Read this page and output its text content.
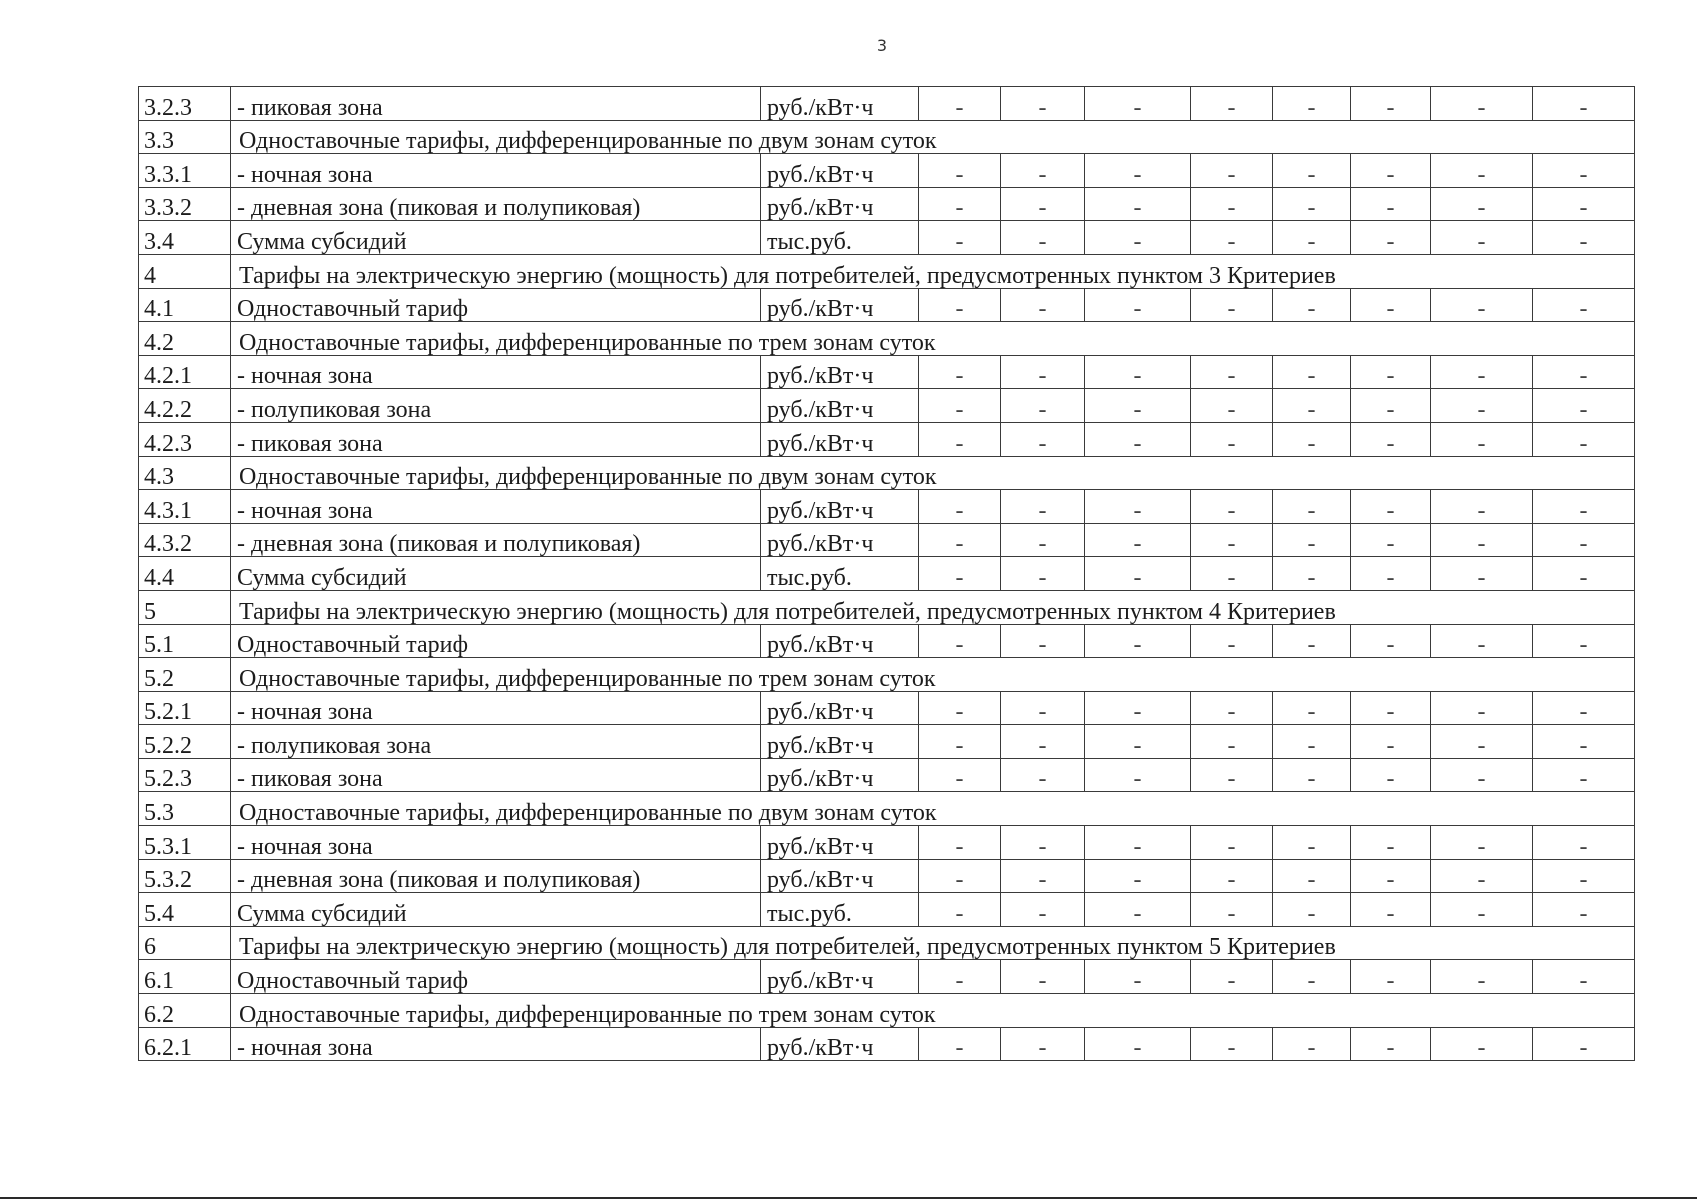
3
3.2.3	- пиковая зона	руб./кВт·ч	-	-	-	-	-	-	-	-
3.3	Одноставочные тарифы, дифференцированные по двум зонам суток									
3.3.1	- ночная зона	руб./кВт·ч	-	-	-	-	-	-	-	-
3.3.2	- дневная зона (пиковая и полупиковая)	руб./кВт·ч	-	-	-	-	-	-	-	-
3.4	Сумма субсидий	тыс.руб.	-	-	-	-	-	-	-	-
4	Тарифы на электрическую энергию (мощность) для потребителей, предусмотренных пунктом 3 Критериев									
4.1	Одноставочный тариф	руб./кВт·ч	-	-	-	-	-	-	-	-
4.2	Одноставочные тарифы, дифференцированные по трем зонам суток									
4.2.1	- ночная зона	руб./кВт·ч	-	-	-	-	-	-	-	-
4.2.2	- полупиковая зона	руб./кВт·ч	-	-	-	-	-	-	-	-
4.2.3	- пиковая зона	руб./кВт·ч	-	-	-	-	-	-	-	-
4.3	Одноставочные тарифы, дифференцированные по двум зонам суток									
4.3.1	- ночная зона	руб./кВт·ч	-	-	-	-	-	-	-	-
4.3.2	- дневная зона (пиковая и полупиковая)	руб./кВт·ч	-	-	-	-	-	-	-	-
4.4	Сумма субсидий	тыс.руб.	-	-	-	-	-	-	-	-
5	Тарифы на электрическую энергию (мощность) для потребителей, предусмотренных пунктом 4 Критериев									
5.1	Одноставочный тариф	руб./кВт·ч	-	-	-	-	-	-	-	-
5.2	Одноставочные тарифы, дифференцированные по трем зонам суток									
5.2.1	- ночная зона	руб./кВт·ч	-	-	-	-	-	-	-	-
5.2.2	- полупиковая зона	руб./кВт·ч	-	-	-	-	-	-	-	-
5.2.3	- пиковая зона	руб./кВт·ч	-	-	-	-	-	-	-	-
5.3	Одноставочные тарифы, дифференцированные по двум зонам суток									
5.3.1	- ночная зона	руб./кВт·ч	-	-	-	-	-	-	-	-
5.3.2	- дневная зона (пиковая и полупиковая)	руб./кВт·ч	-	-	-	-	-	-	-	-
5.4	Сумма субсидий	тыс.руб.	-	-	-	-	-	-	-	-
6	Тарифы на электрическую энергию (мощность) для потребителей, предусмотренных пунктом 5 Критериев									
6.1	Одноставочный тариф	руб./кВт·ч	-	-	-	-	-	-	-	-
6.2	Одноставочные тарифы, дифференцированные по трем зонам суток									
6.2.1	- ночная зона	руб./кВт·ч	-	-	-	-	-	-	-	-
